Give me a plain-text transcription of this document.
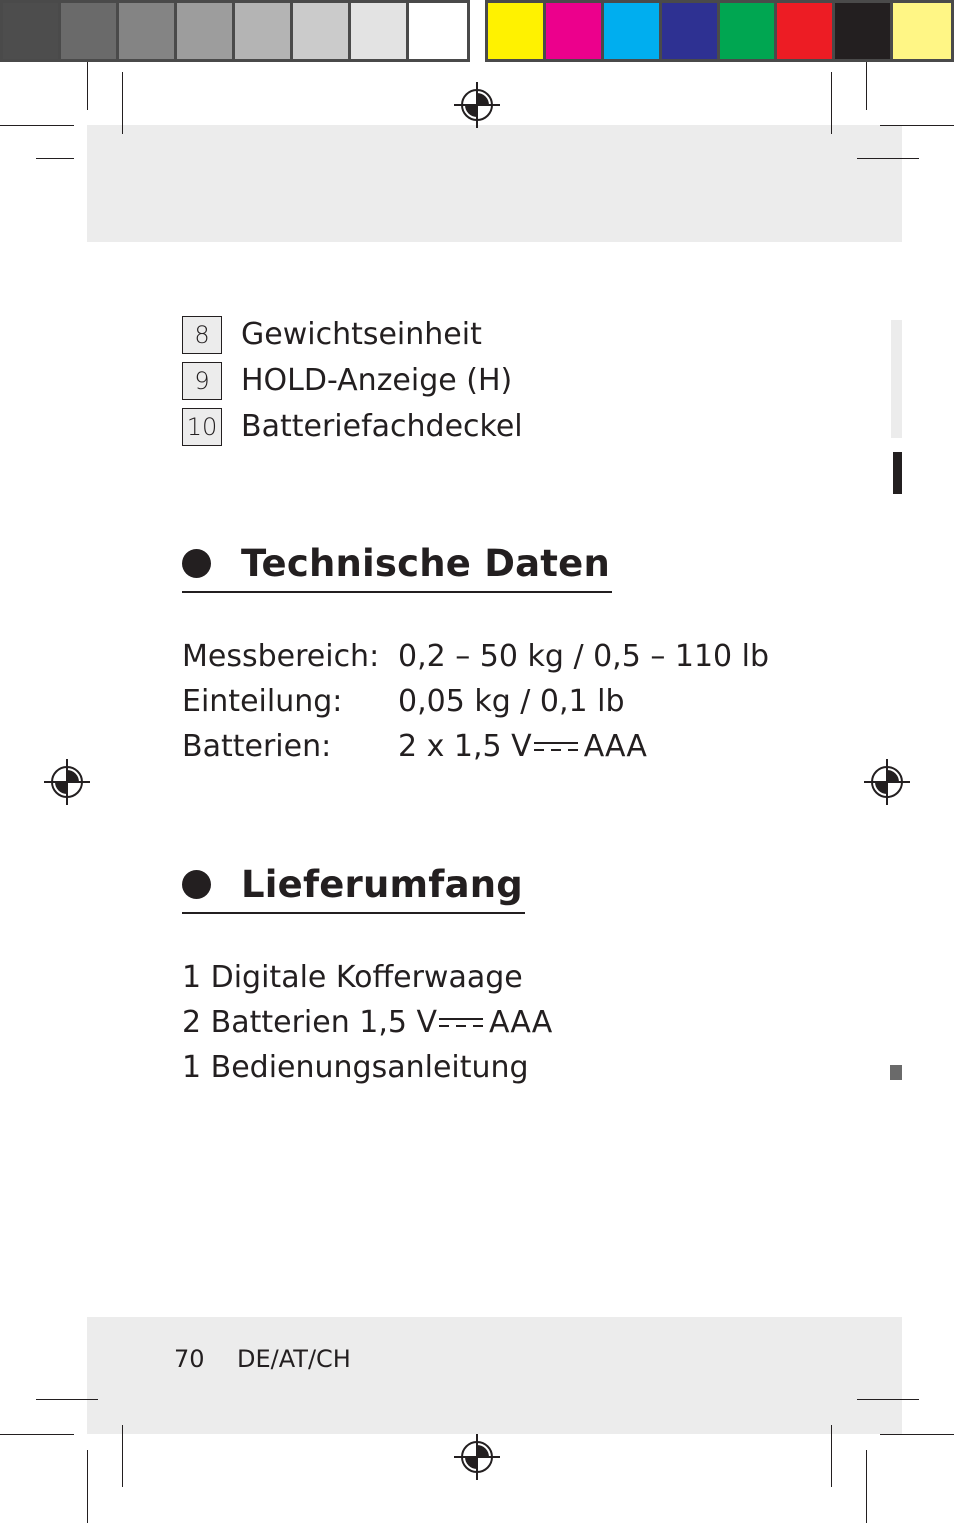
8	Gewichtseinheit
9	HOLD-Anzeige (H)
10 Batteriefachdeckel
Technische Daten
Messbereich: 0,2 – 50 kg / 0,5 – 110 lb
Einteilung: 0,05 kg / 0,1 lb
Batterien: 2 x 1,5 V AAA
Lieferumfang
1 Digitale Kofferwaage
2 Batterien 1,5 V AAA
1 Bedienungsanleitung
70 DE/AT/CH
